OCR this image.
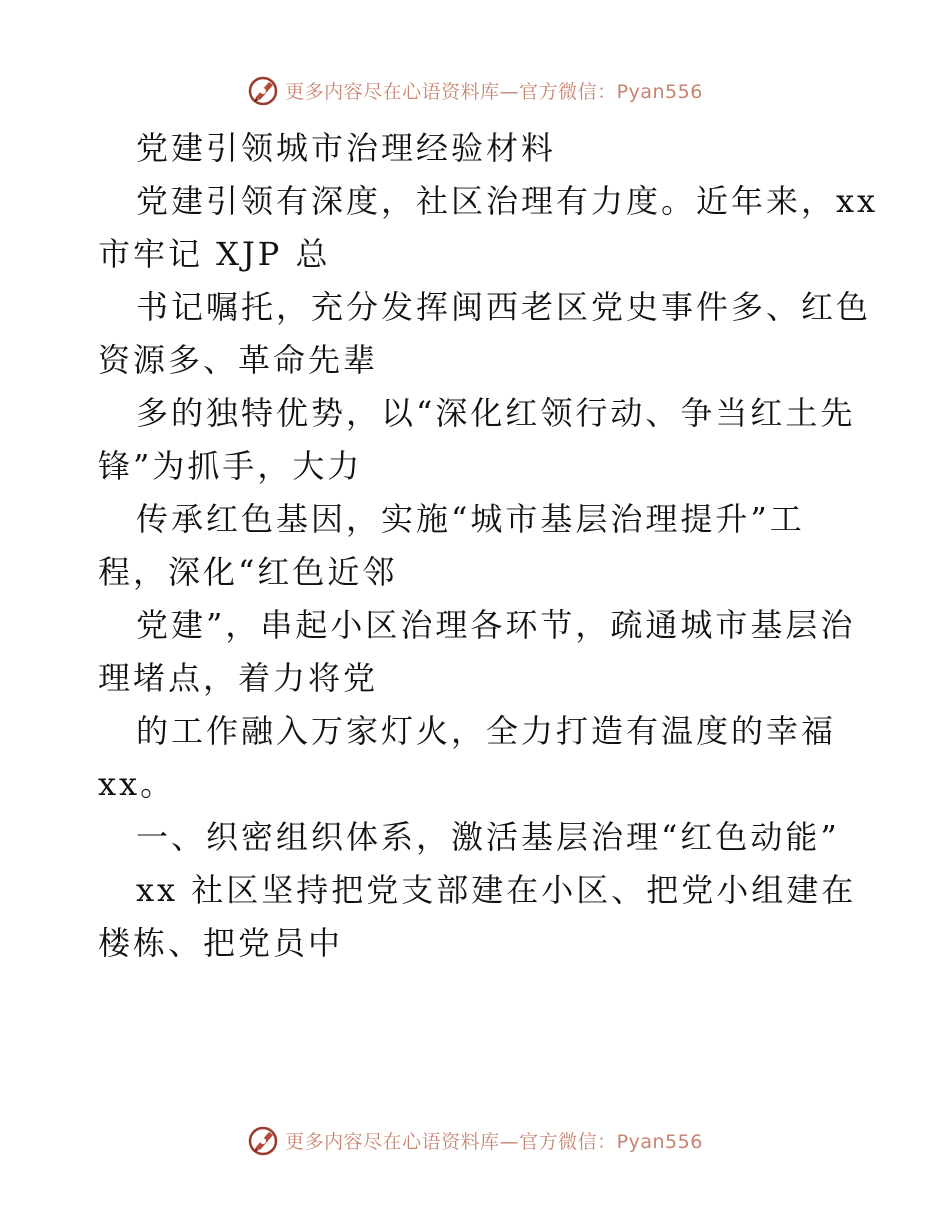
更多内容尽在心语资料库—官方微信：Pyan556
党建引领城市治理经验材料
党建引领有深度，社区治理有力度。近年来，xx
市牢记 XJP 总
书记嘱托，充分发挥闽西老区党史事件多、红色
资源多、革命先辈
多的独特优势，以“深化红领行动、争当红土先
锋”为抓手，大力
传承红色基因，实施“城市基层治理提升”工
程，深化“红色近邻
党建”，串起小区治理各环节，疏通城市基层治
理堵点，着力将党
的工作融入万家灯火，全力打造有温度的幸福
xx。
一、织密组织体系，激活基层治理“红色动能”
xx 社区坚持把党支部建在小区、把党小组建在
楼栋、把党员中
更多内容尽在心语资料库—官方微信：Pyan556
